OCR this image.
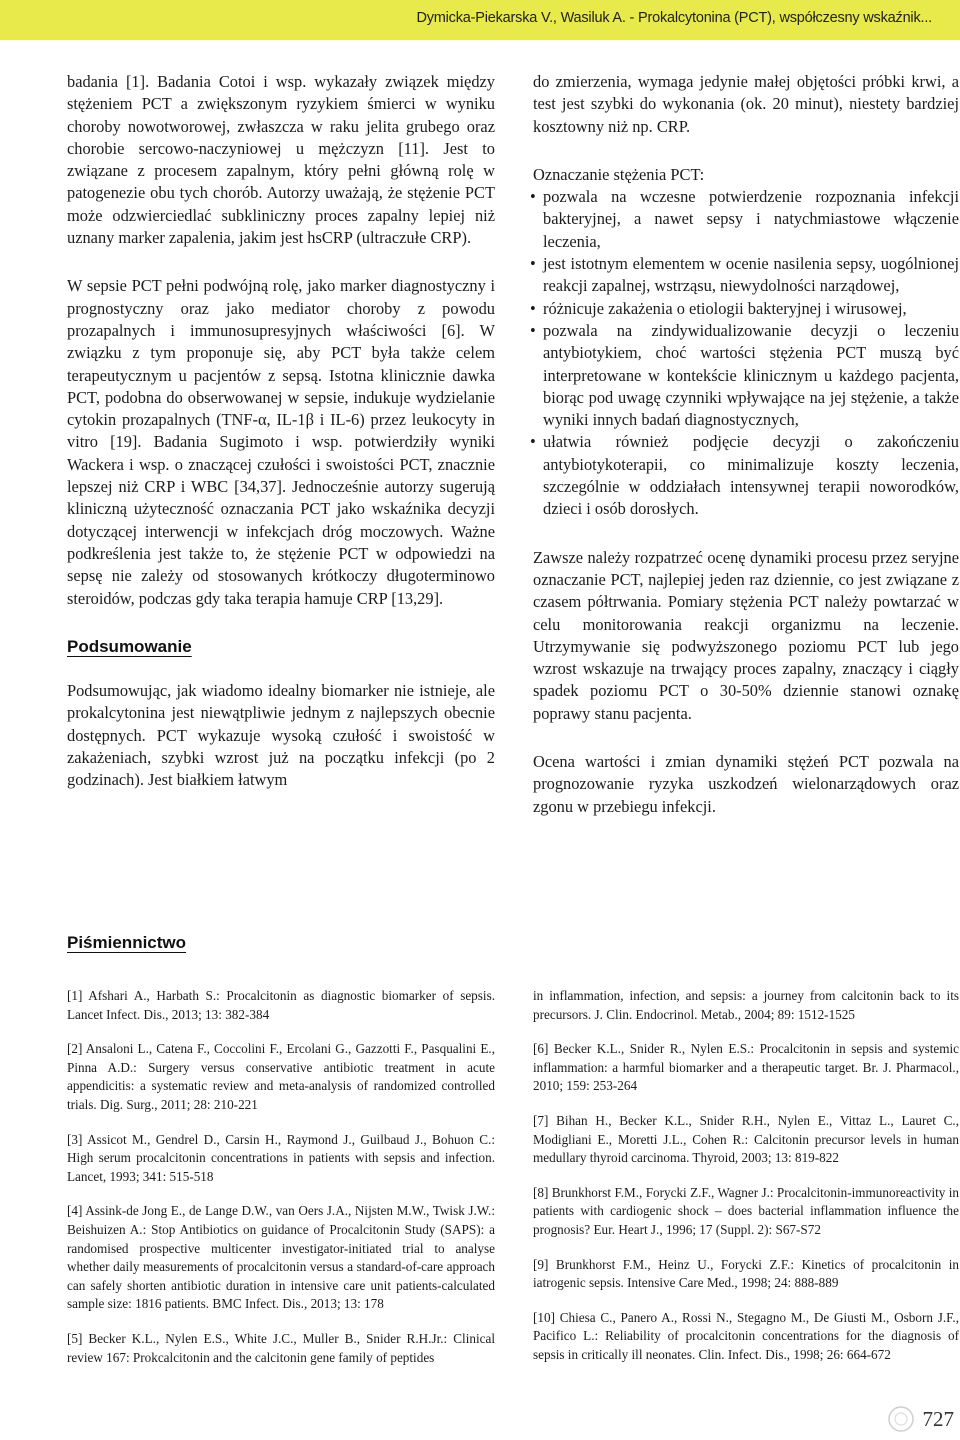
Dymicka-Piekarska V., Wasiluk A. - Prokalcytonina (PCT), współczesny wskaźnik...

badania [1]. Badania Cotoi i wsp. wykazały związek między stężeniem PCT a zwiększonym ryzykiem śmierci w wyniku choroby nowotworowej, zwłaszcza w raku jelita grubego oraz chorobie sercowo-naczyniowej u mężczyzn [11]. Jest to związane z procesem zapalnym, który pełni główną rolę w patogenezie obu tych chorób. Autorzy uważają, że stężenie PCT może odzwierciedlać subkliniczny proces zapalny lepiej niż uznany marker zapalenia, jakim jest hsCRP (ultraczułe CRP).

W sepsie PCT pełni podwójną rolę, jako marker diagnostyczny i prognostyczny oraz jako mediator choroby z powodu prozapalnych i immunosupresyjnych właściwości [6]. W związku z tym proponuje się, aby PCT była także celem terapeutycznym u pacjentów z sepsą. Istotna klinicznie dawka PCT, podobna do obserwowanej w sepsie, indukuje wydzielanie cytokin prozapalnych (TNF-α, IL-1β i IL-6) przez leukocyty in vitro [19]. Badania Sugimoto i wsp. potwierdziły wyniki Wackera i wsp. o znaczącej czułości i swoistości PCT, znacznie lepszej niż CRP i WBC [34,37]. Jednocześnie autorzy sugerują kliniczną użyteczność oznaczania PCT jako wskaźnika decyzji dotyczącej interwencji w infekcjach dróg moczowych. Ważne podkreślenia jest także to, że stężenie PCT w odpowiedzi na sepsę nie zależy od stosowanych krótkoczy długoterminowo steroidów, podczas gdy taka terapia hamuje CRP [13,29].

Podsumowanie

Podsumowując, jak wiadomo idealny biomarker nie istnieje, ale prokalcytonina jest niewątpliwie jednym z najlepszych obecnie dostępnych. PCT wykazuje wysoką czułość i swoistość w zakażeniach, szybki wzrost już na początku infekcji (po 2 godzinach). Jest białkiem łatwym

do zmierzenia, wymaga jedynie małej objętości próbki krwi, a test jest szybki do wykonania (ok. 20 minut), niestety bardziej kosztowny niż np. CRP.

Oznaczanie stężenia PCT:
• pozwala na wczesne potwierdzenie rozpoznania infekcji bakteryjnej, a nawet sepsy i natychmiastowe włączenie leczenia,
• jest istotnym elementem w ocenie nasilenia sepsy, uogólnionej reakcji zapalnej, wstrząsu, niewydolności narządowej,
• różnicuje zakażenia o etiologii bakteryjnej i wirusowej,
• pozwala na zindywidualizowanie decyzji o leczeniu antybiotykiem, choć wartości stężenia PCT muszą być interpretowane w kontekście klinicznym u każdego pacjenta, biorąc pod uwagę czynniki wpływające na jej stężenie, a także wyniki innych badań diagnostycznych,
• ułatwia również podjęcie decyzji o zakończeniu antybiotykoterapii, co minimalizuje koszty leczenia, szczególnie w oddziałach intensywnej terapii noworodków, dzieci i osób dorosłych.

Zawsze należy rozpatrzeć ocenę dynamiki procesu przez seryjne oznaczanie PCT, najlepiej jeden raz dziennie, co jest związane z czasem półtrwania. Pomiary stężenia PCT należy powtarzać w celu monitorowania reakcji organizmu na leczenie. Utrzymywanie się podwyższonego poziomu PCT lub jego wzrost wskazuje na trwający proces zapalny, znaczący i ciągły spadek poziomu PCT o 30-50% dziennie stanowi oznakę poprawy stanu pacjenta.

Ocena wartości i zmian dynamiki stężeń PCT pozwala na prognozowanie ryzyka uszkodzeń wielonarządowych oraz zgonu w przebiegu infekcji.

Piśmiennictwo
[1] Afshari A., Harbath S.: Procalcitonin as diagnostic biomarker of sepsis. Lancet Infect. Dis., 2013; 13: 382-384
[2] Ansaloni L., Catena F., Coccolini F., Ercolani G., Gazzotti F., Pasqualini E., Pinna A.D.: Surgery versus conservative antibiotic treatment in acute appendicitis: a systematic review and meta-analysis of randomized controlled trials. Dig. Surg., 2011; 28: 210-221
[3] Assicot M., Gendrel D., Carsin H., Raymond J., Guilbaud J., Bohuon C.: High serum procalcitonin concentrations in patients with sepsis and infection. Lancet, 1993; 341: 515-518
[4] Assink-de Jong E., de Lange D.W., van Oers J.A., Nijsten M.W., Twisk J.W.: Beishuizen A.: Stop Antibiotics on guidance of Procalcitonin Study (SAPS): a randomised prospective multicenter investigator-initiated trial to analyse whether daily measurements of procalcitonin versus a standard-of-care approach can safely shorten antibiotic duration in intensive care unit patients-calculated sample size: 1816 patients. BMC Infect. Dis., 2013; 13: 178
[5] Becker K.L., Nylen E.S., White J.C., Muller B., Snider R.H.Jr.: Clinical review 167: Prokcalcitonin and the calcitonin gene family of peptides
in inflammation, infection, and sepsis: a journey from calcitonin back to its precursors. J. Clin. Endocrinol. Metab., 2004; 89: 1512-1525
[6] Becker K.L., Snider R., Nylen E.S.: Procalcitonin in sepsis and systemic inflammation: a harmful biomarker and a therapeutic target. Br. J. Pharmacol., 2010; 159: 253-264
[7] Bihan H., Becker K.L., Snider R.H., Nylen E., Vittaz L., Lauret C., Modigliani E., Moretti J.L., Cohen R.: Calcitonin precursor levels in human medullary thyroid carcinoma. Thyroid, 2003; 13: 819-822
[8] Brunkhorst F.M., Forycki Z.F., Wagner J.: Procalcitonin-immunoreactivity in patients with cardiogenic shock – does bacterial inflammation influence the prognosis? Eur. Heart J., 1996; 17 (Suppl. 2): S67-S72
[9] Brunkhorst F.M., Heinz U., Forycki Z.F.: Kinetics of procalcitonin in iatrogenic sepsis. Intensive Care Med., 1998; 24: 888-889
[10] Chiesa C., Panero A., Rossi N., Stegagno M., De Giusti M., Osborn J.F., Pacifico L.: Reliability of procalcitonin concentrations for the diagnosis of sepsis in critically ill neonates. Clin. Infect. Dis., 1998; 26: 664-672
727
